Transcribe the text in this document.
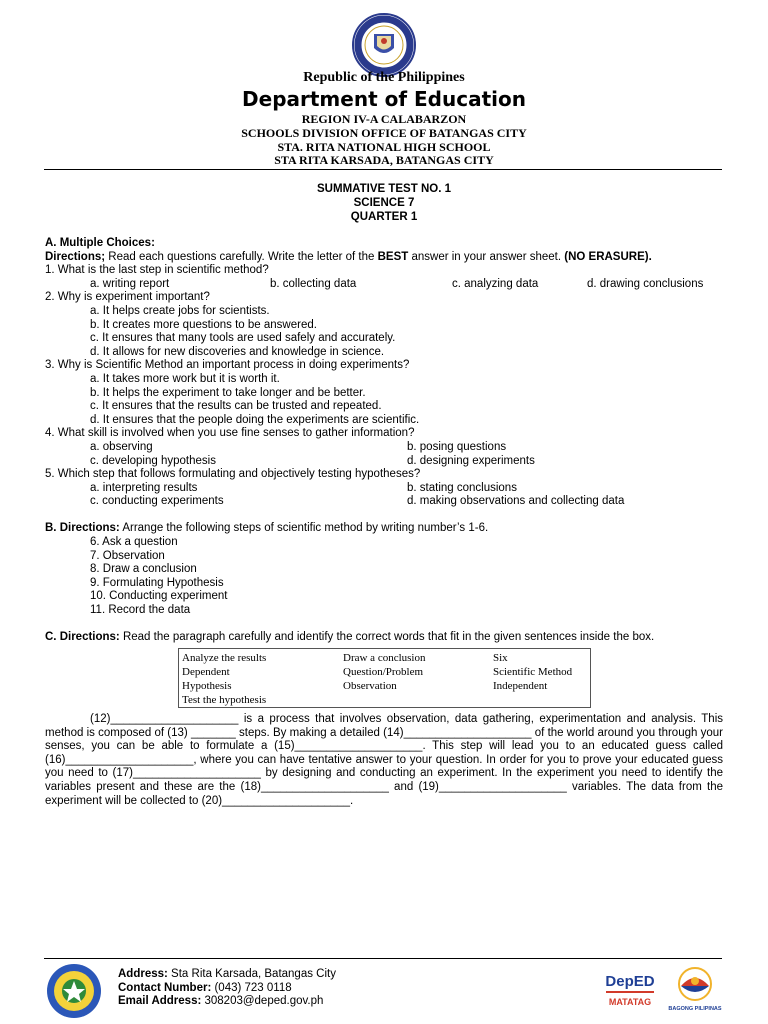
Republic of the Philippines
Department of Education
REGION IV-A CALABARZON
SCHOOLS DIVISION OFFICE OF BATANGAS CITY
STA. RITA NATIONAL HIGH SCHOOL
STA RITA KARSADA, BATANGAS CITY
SUMMATIVE TEST NO. 1
SCIENCE 7
QUARTER 1
A. Multiple Choices:
Directions; Read each questions carefully. Write the letter of the BEST answer in your answer sheet. (NO ERASURE).
1. What is the last step in scientific method?
a. writing report	b. collecting data	c. analyzing data	d. drawing conclusions
2. Why is experiment important?
a. It helps create jobs for scientists.
b. It creates more questions to be answered.
c. It ensures that many tools are used safely and accurately.
d. It allows for new discoveries and knowledge in science.
3. Why is Scientific Method an important process in doing experiments?
a. It takes more work but it is worth it.
b. It helps the experiment to take longer and be better.
c. It ensures that the results can be trusted and repeated.
d. It ensures that the people doing the experiments are scientific.
4. What skill is involved when you use fine senses to gather information?
a. observing	b. posing questions
c. developing hypothesis	d. designing experiments
5. Which step that follows formulating and objectively testing hypotheses?
a. interpreting results	b. stating conclusions
c. conducting experiments	d. making observations and collecting data
B. Directions: Arrange the following steps of scientific method by writing number’s 1-6.
6. Ask a question
7. Observation
8. Draw a conclusion
9. Formulating Hypothesis
10. Conducting experiment
11. Record the data
C. Directions: Read the paragraph carefully and identify the correct words that fit in the given sentences inside the box.
Analyze the results	Draw a conclusion	Six
Dependent	Question/Problem	Scientific Method
Hypothesis	Observation	Independent
Test the hypothesis

(12)____________________ is a process that involves observation, data gathering, experimentation and analysis. This method is composed of (13) _______ steps. By making a detailed (14)____________________ of the world around you through your senses, you can be able to formulate a (15)____________________. This step will lead you to an educated guess called (16)____________________, where you can have tentative answer to your question. In order for you to prove your educated guess you need to (17)____________________ by designing and conducting an experiment. In the experiment you need to identify the variables present and these are the (18)____________________ and (19)____________________ variables. The data from the experiment will be collected to (20)____________________.

Address: Sta Rita Karsada, Batangas City
Contact Number: (043) 723 0118
Email Address: 308203@deped.gov.ph
DepED
MATATAG
BAGONG PILIPINAS
